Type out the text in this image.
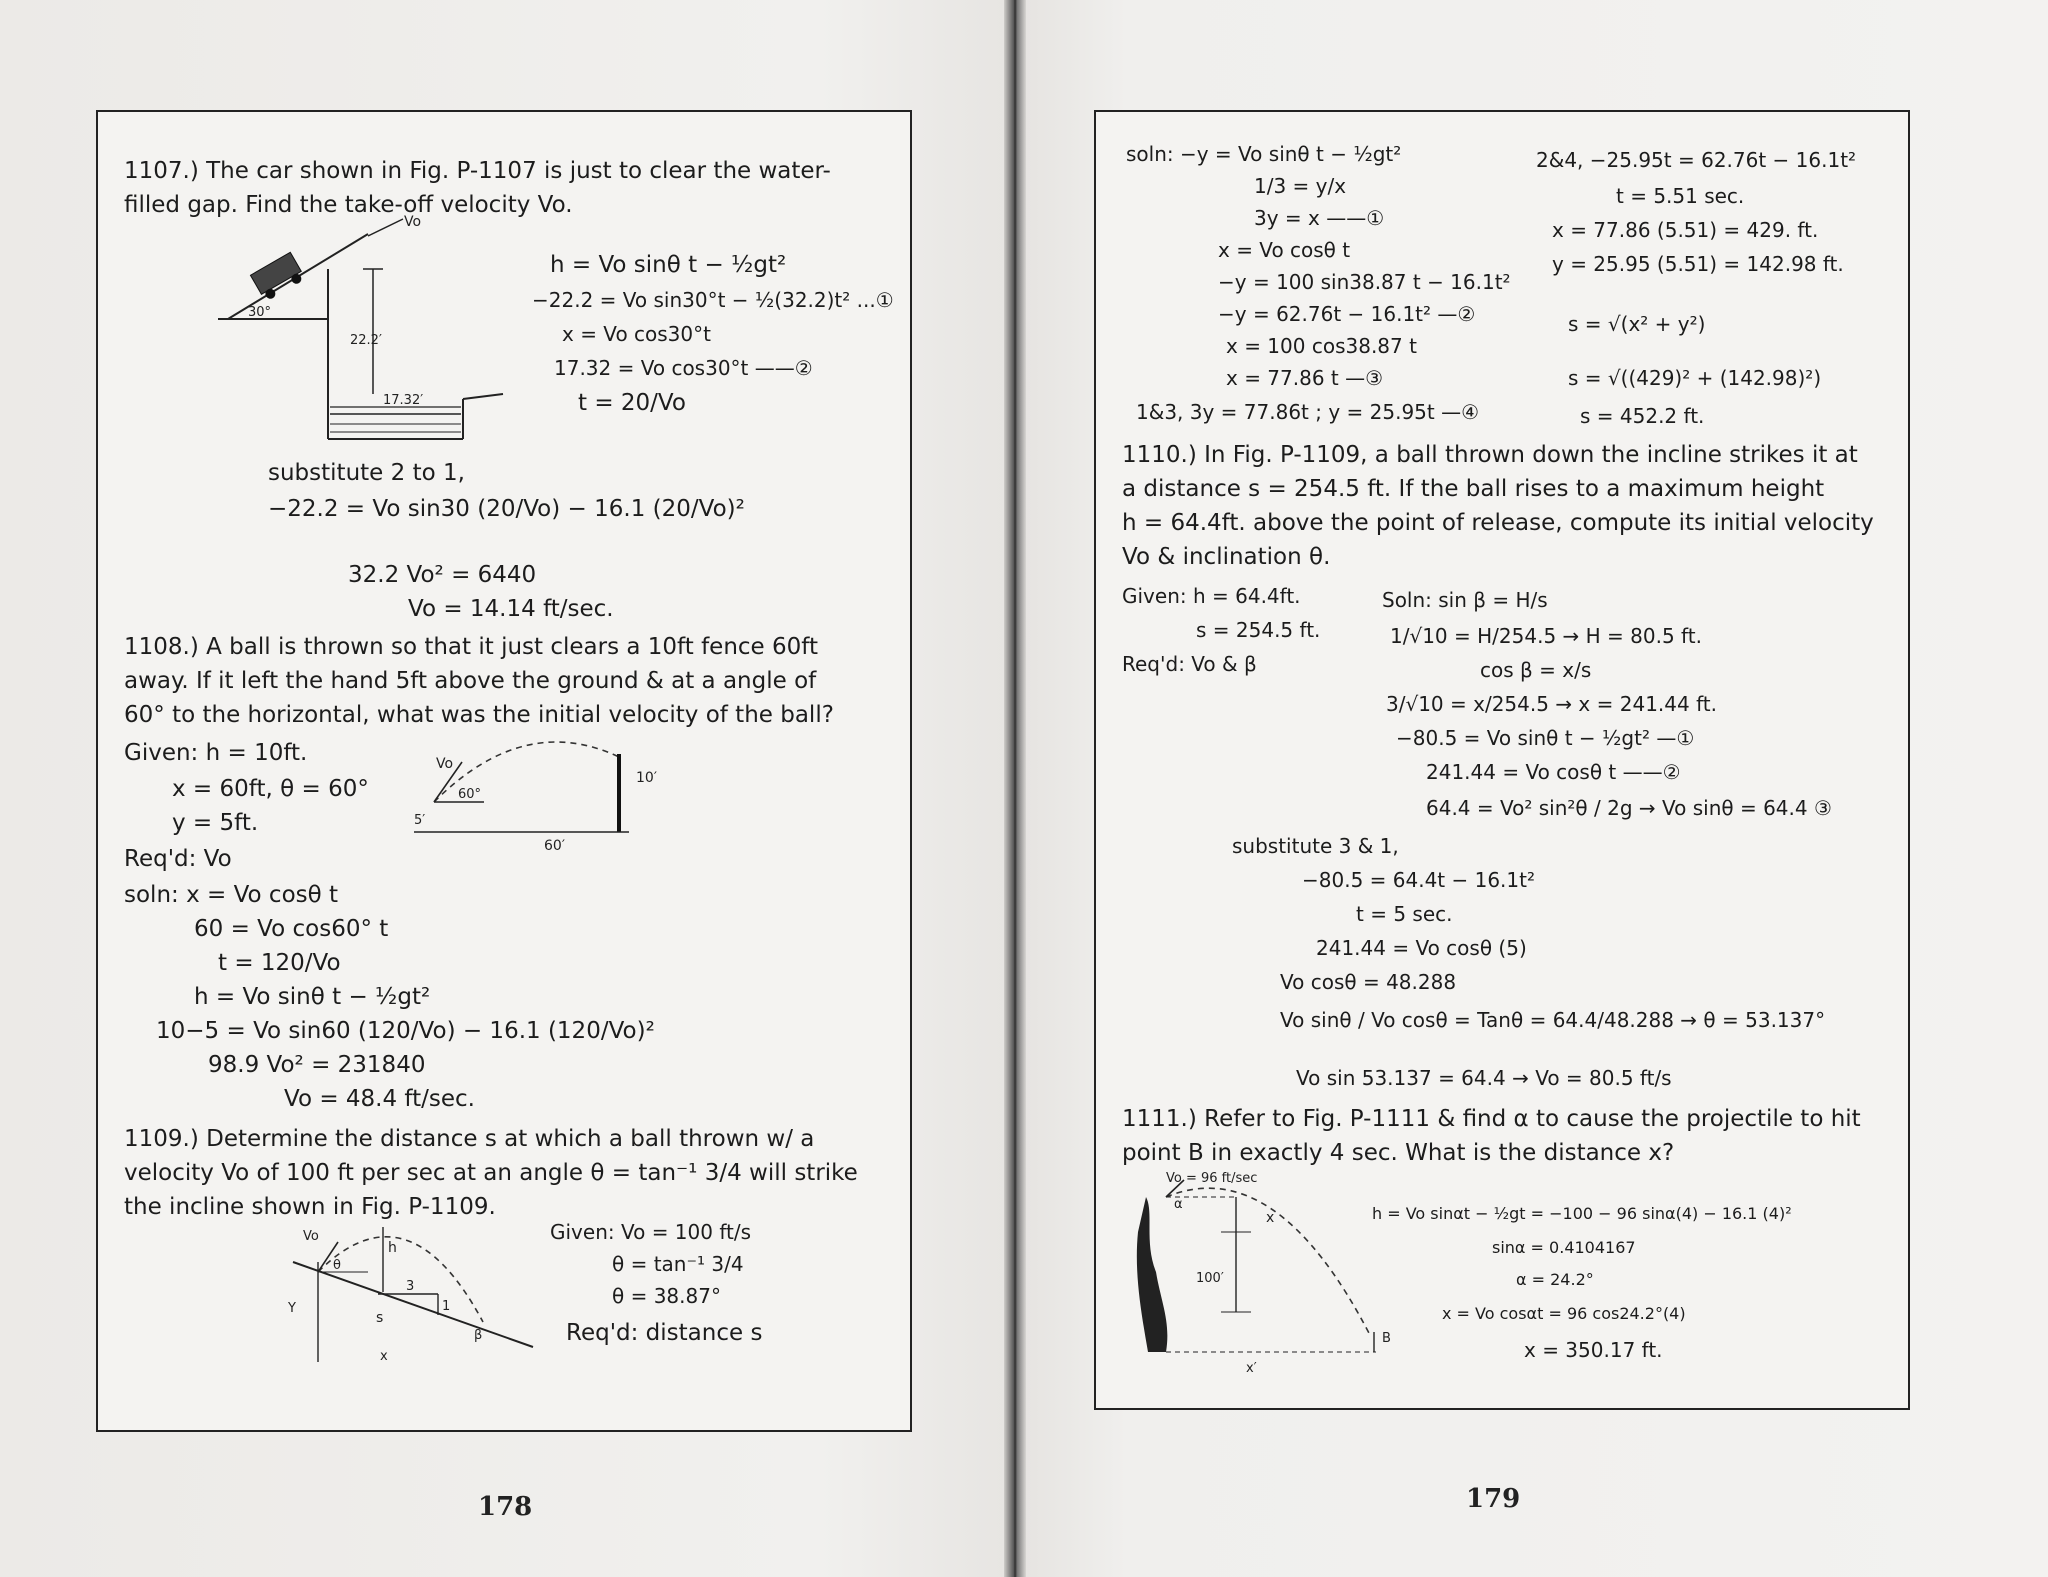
1107.) The car shown in Fig. P-1107 is just to clear the water-
filled gap. Find the take-off velocity Vo.
Vo
22.2′
17.32′
30°
h = Vo sinθ t − ½gt²
−22.2 = Vo sin30°t − ½(32.2)t² ...①
x = Vo cos30°t
17.32 = Vo cos30°t ——②
t = 20/Vo
substitute 2 to 1,
−22.2 = Vo sin30 (20/Vo) − 16.1 (20/Vo)²
32.2 Vo² = 6440
Vo = 14.14 ft/sec.
1108.) A ball is thrown so that it just clears a 10ft fence 60ft
away. If it left the hand 5ft above the ground & at a angle of
60° to the horizontal, what was the initial velocity of the ball?
Given: h = 10ft.
x = 60ft, θ = 60°
y = 5ft.
Req'd: Vo
Vo
60°
5′
10′
60′
soln: x = Vo cosθ t
60 = Vo cos60° t
t = 120/Vo
h = Vo sinθ t − ½gt²
10−5 = Vo sin60 (120/Vo) − 16.1 (120/Vo)²
98.9 Vo² = 231840
Vo = 48.4 ft/sec.
1109.) Determine the distance s at which a ball thrown w/ a
velocity Vo of 100 ft per sec at an angle θ = tan⁻¹ 3/4 will strike
the incline shown in Fig. P-1109.
Vo
θ
h
3
1
s
Y
x
β
Given: Vo = 100 ft/s
θ = tan⁻¹ 3/4
θ = 38.87°
Req'd: distance s
178
soln: −y = Vo sinθ t − ½gt²
1/3 = y/x
3y = x ——①
x = Vo cosθ t
−y = 100 sin38.87 t − 16.1t²
−y = 62.76t − 16.1t² —②
x = 100 cos38.87 t
x = 77.86 t —③
1&3, 3y = 77.86t ; y = 25.95t —④
2&4, −25.95t = 62.76t − 16.1t²
t = 5.51 sec.
x = 77.86 (5.51) = 429. ft.
y = 25.95 (5.51) = 142.98 ft.
s = √(x² + y²)
s = √((429)² + (142.98)²)
s = 452.2 ft.
1110.) In Fig. P-1109, a ball thrown down the incline strikes it at
a distance s = 254.5 ft. If the ball rises to a maximum height
h = 64.4ft. above the point of release, compute its initial velocity
Vo & inclination θ.
Given: h = 64.4ft.
s = 254.5 ft.
Req'd: Vo & β
Soln: sin β = H/s
1/√10 = H/254.5 → H = 80.5 ft.
cos β = x/s
3/√10 = x/254.5 → x = 241.44 ft.
−80.5 = Vo sinθ t − ½gt² —①
241.44 = Vo cosθ t ——②
64.4 = Vo² sin²θ / 2g → Vo sinθ = 64.4 ③
substitute 3 & 1,
−80.5 = 64.4t − 16.1t²
t = 5 sec.
241.44 = Vo cosθ (5)
Vo cosθ = 48.288
Vo sinθ / Vo cosθ = Tanθ = 64.4/48.288 → θ = 53.137°
Vo sin 53.137 = 64.4 → Vo = 80.5 ft/s
1111.) Refer to Fig. P-1111 & find α to cause the projectile to hit
point B in exactly 4 sec. What is the distance x?
Vo = 96 ft/sec
α
x
100′
x′
B
h = Vo sinαt − ½gt = −100 − 96 sinα(4) − 16.1 (4)²
sinα = 0.4104167
α = 24.2°
x = Vo cosαt = 96 cos24.2°(4)
x = 350.17 ft.
179
